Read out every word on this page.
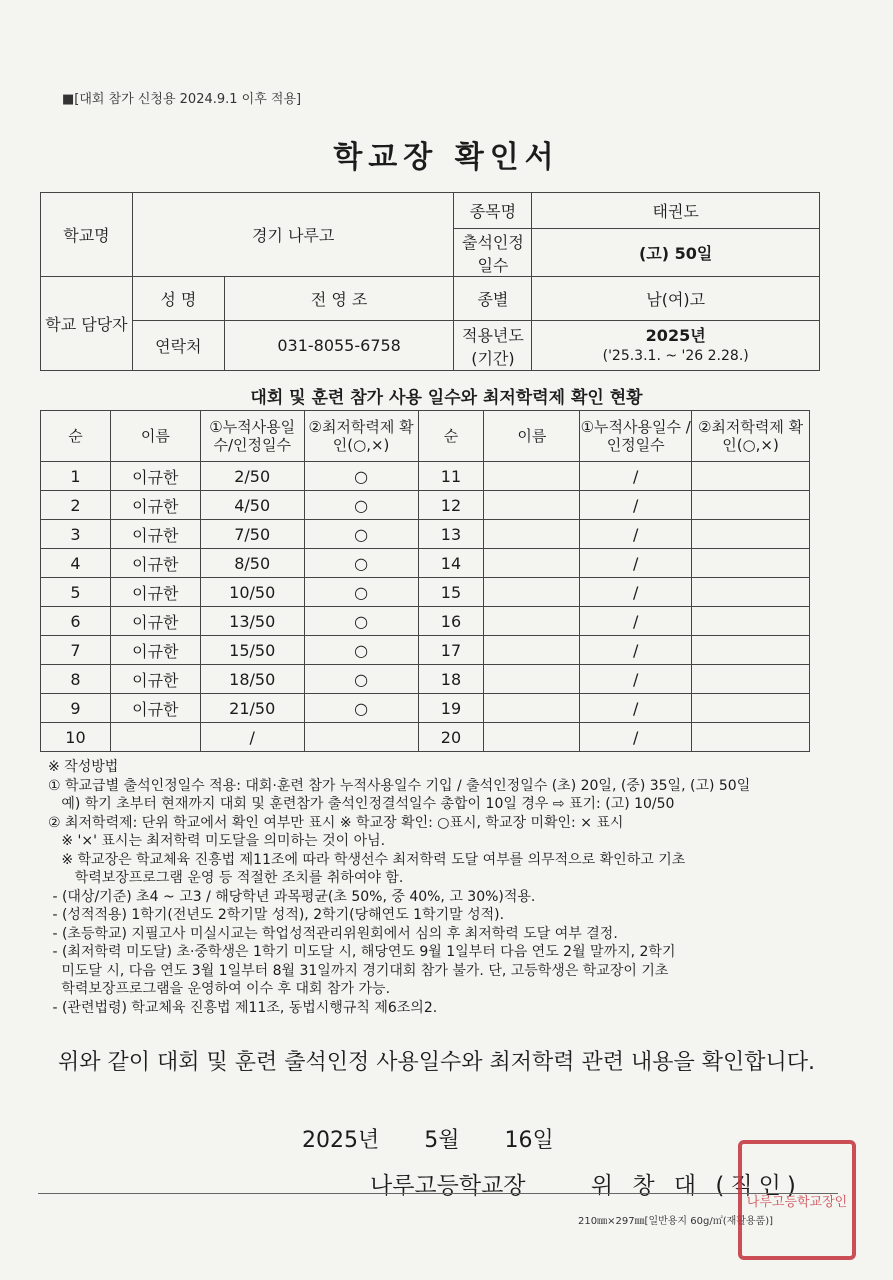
■[대회 참가 신청용 2024.9.1 이후 적용]
학교장 확인서
학교명	경기 나루고		종목명	태권도
			출석인정 일수	(고) 50일
학교 담당자	성 명	전 영 조	종별	남(여)고
	연락처	031-8055-6758	적용년도 (기간)	2025년
('25.3.1. ~ '26 2.28.)
대회 및 훈련 참가 사용 일수와 최저학력제 확인 현황
순	이름	①누적사용일 수/인정일수	②최저학력제 확인(○,×)	순	이름	①누적사용일수 /인정일수	②최저학력제 확인(○,×)
1	이규한	2/50	○	11		/	
2	이규한	4/50	○	12		/	
3	이규한	7/50	○	13		/	
4	이규한	8/50	○	14		/	
5	이규한	10/50	○	15		/	
6	이규한	13/50	○	16		/	
7	이규한	15/50	○	17		/	
8	이규한	18/50	○	18		/	
9	이규한	21/50	○	19		/	
10		/		20		/	
※ 작성방법
① 학교급별 출석인정일수 적용: 대회·훈련 참가 누적사용일수 기입 / 출석인정일수 (초) 20일, (중) 35일, (고) 50일
예) 학기 초부터 현재까지 대회 및 훈련참가 출석인정결석일수 총합이 10일 경우 ⇨ 표기: (고) 10/50
② 최저학력제: 단위 학교에서 확인 여부만 표시 ※ 학교장 확인: ○표시, 학교장 미확인: × 표시
※ '×' 표시는 최저학력 미도달을 의미하는 것이 아님.
※ 학교장은 학교체육 진흥법 제11조에 따라 학생선수 최저학력 도달 여부를 의무적으로 확인하고 기초
학력보장프로그램 운영 등 적절한 조치를 취하여야 함.
- (대상/기준) 초4 ~ 고3 / 해당학년 과목평균(초 50%, 중 40%, 고 30%)적용.
- (성적적용) 1학기(전년도 2학기말 성적), 2학기(당해연도 1학기말 성적).
- (초등학교) 지필고사 미실시교는 학업성적관리위원회에서 심의 후 최저학력 도달 여부 결정.
- (최저학력 미도달) 초·중학생은 1학기 미도달 시, 해당연도 9월 1일부터 다음 연도 2월 말까지, 2학기
미도달 시, 다음 연도 3월 1일부터 8월 31일까지 경기대회 참가 불가. 단, 고등학생은 학교장이 기초
학력보장프로그램을 운영하여 이수 후 대회 참가 가능.
- (관련법령) 학교체육 진흥법 제11조, 동법시행규칙 제6조의2.
위와 같이 대회 및 훈련 출석인정 사용일수와 최저학력 관련 내용을 확인합니다.
2025년 5월 16일
나루고등학교장	위 창 대 (직인)
210㎜×297㎜[일반용지 60g/㎡(재활용품)]
나루고등학교장인
